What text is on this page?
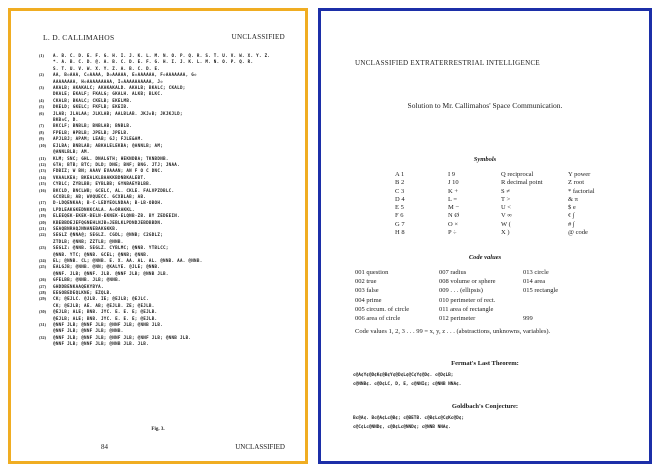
L. D. CALLIMAHOS	UNCLASSIFIED
(1)	A. B. C. D. E. F. G. H. I. J. K. L. M. N. O. P. Q. R. S. T. U. V. W. X. Y. Z.
*. A. B. C. D. @. A. B. C. D. E. F. G. H. I. J. K. L. M. N. O. P. Q. R.
S. T. U. V. W. X. Y. Z. A. B. C. D. E.
(2)	AA, B◇AAA, C◇AAAA, D◇AAAAA, E◇AAAAAA, F◇AAAAAAA, G◇
AAAAAAAA, H◇AAAAAAAAA, I◇AAAAAAAAAA, J◇
(3)	AKALB; AKAKALC; AKAKAKALD. AKALB; BKALC; CKALD;
DKALE; EKALF; FKALG; GKALH. ALKB; BLKC.
(4)	CKALB; BKALC; CKELB; EKELMB.
(5)	DKELD; GKELC; FKFLB; EKEIB.
(6)	JLAB; JLALAA; JLKLAB; AALBLAB. JKJ∩B; JKJKJLD;
BKB∩C, D.
(7)	BKCLF; BNBLB; BNBLAB; BNBLB.
(8)	FPELB; HPBLB; JPELB; JPELB.
(9)	APJLBJ; APAM; LEAB; GJ; FJLE&AM.
(10)	EJLBA; BNBLAB; ABKALELEKBA; @ANNLB; AM;
@ANNLBLB; AM.
(11)	KLM; SNC; GHL. DNALGTH; HEKNDBA; TKNBDNB.
(12)	GTA; BTB; BTC; DLD; DNE; BNF; BNG. JTJ; JNAA.
(13)	FDBIZ; W BN; AAAV EVAAAN; AN F O C DNC.
(14)	VKAALKEA; BKEALKLBAAKKBDNBKALEBT.
(15)	CYBLC; ZYBLBB; EYBLBB; GYNBAEYBLBB.
(16)	BKCLD, BNCLWB; GCELC, AL. CKLE. FALVPZDBLC.
GCXBLB; AB; WVQUECC. GCXBLAB; AB.
(17)	D·LDQENKAA; B·C·LEDYEOLNDAA; B·LB·OBOH.
(18)	LPDLEAKGKEDNKKCALA. A◇ORAKKL.
(19)	ELEEQEK·EKEK·BELN·EKNEK·ELQNB·ZB. BY ZEDEEIN.
(20)	KBEBBDEJEFQGNEHLNJB◇JEBLKLPDNDJEBDBBDN.
(21)	SEAQBNRAQJNNANEBAKGKKB.
(22)	SEGLZ @NNA@; SEGLZ. CGDL; @NNB; C2GDLZ;
ZTDLB; @NNB; ZZTLB; @NNB.
(23)	SEGLZ: @NNB. SEGLZ. CYBLMC; @NNB. YTBLCC;
@NNB. YTC; @NNB. GCEL; @NNB; @NNB.
(24)	EL; @NNB. CL; @NNB. E. X. AA. AL. AL. @NNB. AA. @NNB.
(25)	EALGJB; @NNB. @NN; @KALYE. @JLE; @NNB.
@NNF. JLB; @NNF. JLB. @NNF JLB; @NNB JLB.
(26)	GFELBB; @NNB. JLB; @NNB.
(27)	GHDDBENKAAQEKYBYA.
(28)	EEGOBEDEQLKNE; EZQLB.
(29)	CK; @EJLC. @JLB. IE; @EJLB; @EJLC.
CK; @EJLB; AE. AB; @EJLB. ZE; @EJLB.
(30)	@EJLB; ALE; BNB. JYC. E. E. E; @EJLB.
@EJLB; ALE; BNB. JYC. E. E. E; @EJLB.
(31)	@NNF JLB; @NNF JLB; @NNF JLB; @NNB JLB.
@NNF JLB; @NNF JLB; @NNB.
(32)	@NNF JLB; @NNF JLB; @NNF JLB; @NNF JLB; @NNB JLB.
@NNF JLB; @NNF JLB; @NNB JLB. JLB.
Fig. 3.
84	UNCLASSIFIED
UNCLASSIFIED EXTRATERRESTRIAL INTELLIGENCE
Solution to Mr. Callimahos' Space Communication.
Symbols
A 1	I 9	Q reciprocal	Y power
B 2	J 10	R decimal point	Z root
C 3	K +	S ≠	* factorial
D 4	L =	T >	& π
E 5	M −	U <	$ e
F 6	N Ø	V ∞	¢ ∫
G 7	O ×	W (	# ∫
H 8	P ÷	X )	@ code
Code values
001 question	007 radius	013 circle
002 true	008 volume or sphere	014 area
003 false	009 . . . (ellipsis)	015 rectangle
004 prime	010 perimeter of rect.
005 circum. of circle	011 area of rectangle
006 area of circle	012 perimeter	999
Code values 1, 2, 3 . . . 99 = x, y, z . . . (abstractions, unknowns, variables).
Fermat's Last Theorem:
c@A¢Y¢@D¢K¢@B¢Y¢@D¢L¢@C¢Y¢@D¢. c@D¢LB;
c@NNB¢. c@D¢LC, D, E, c@NNI¢; c@NNB NNA¢.
Goldbach's Conjecture:
Bc@A¢. Bc@A¢Lc@B¢; c@BETB. c@B¢Lc@C¢Kc@D¢;
c@C¢Lc@NND¢, c@D¢Lc@NND¢; c@NNB NNA¢.
